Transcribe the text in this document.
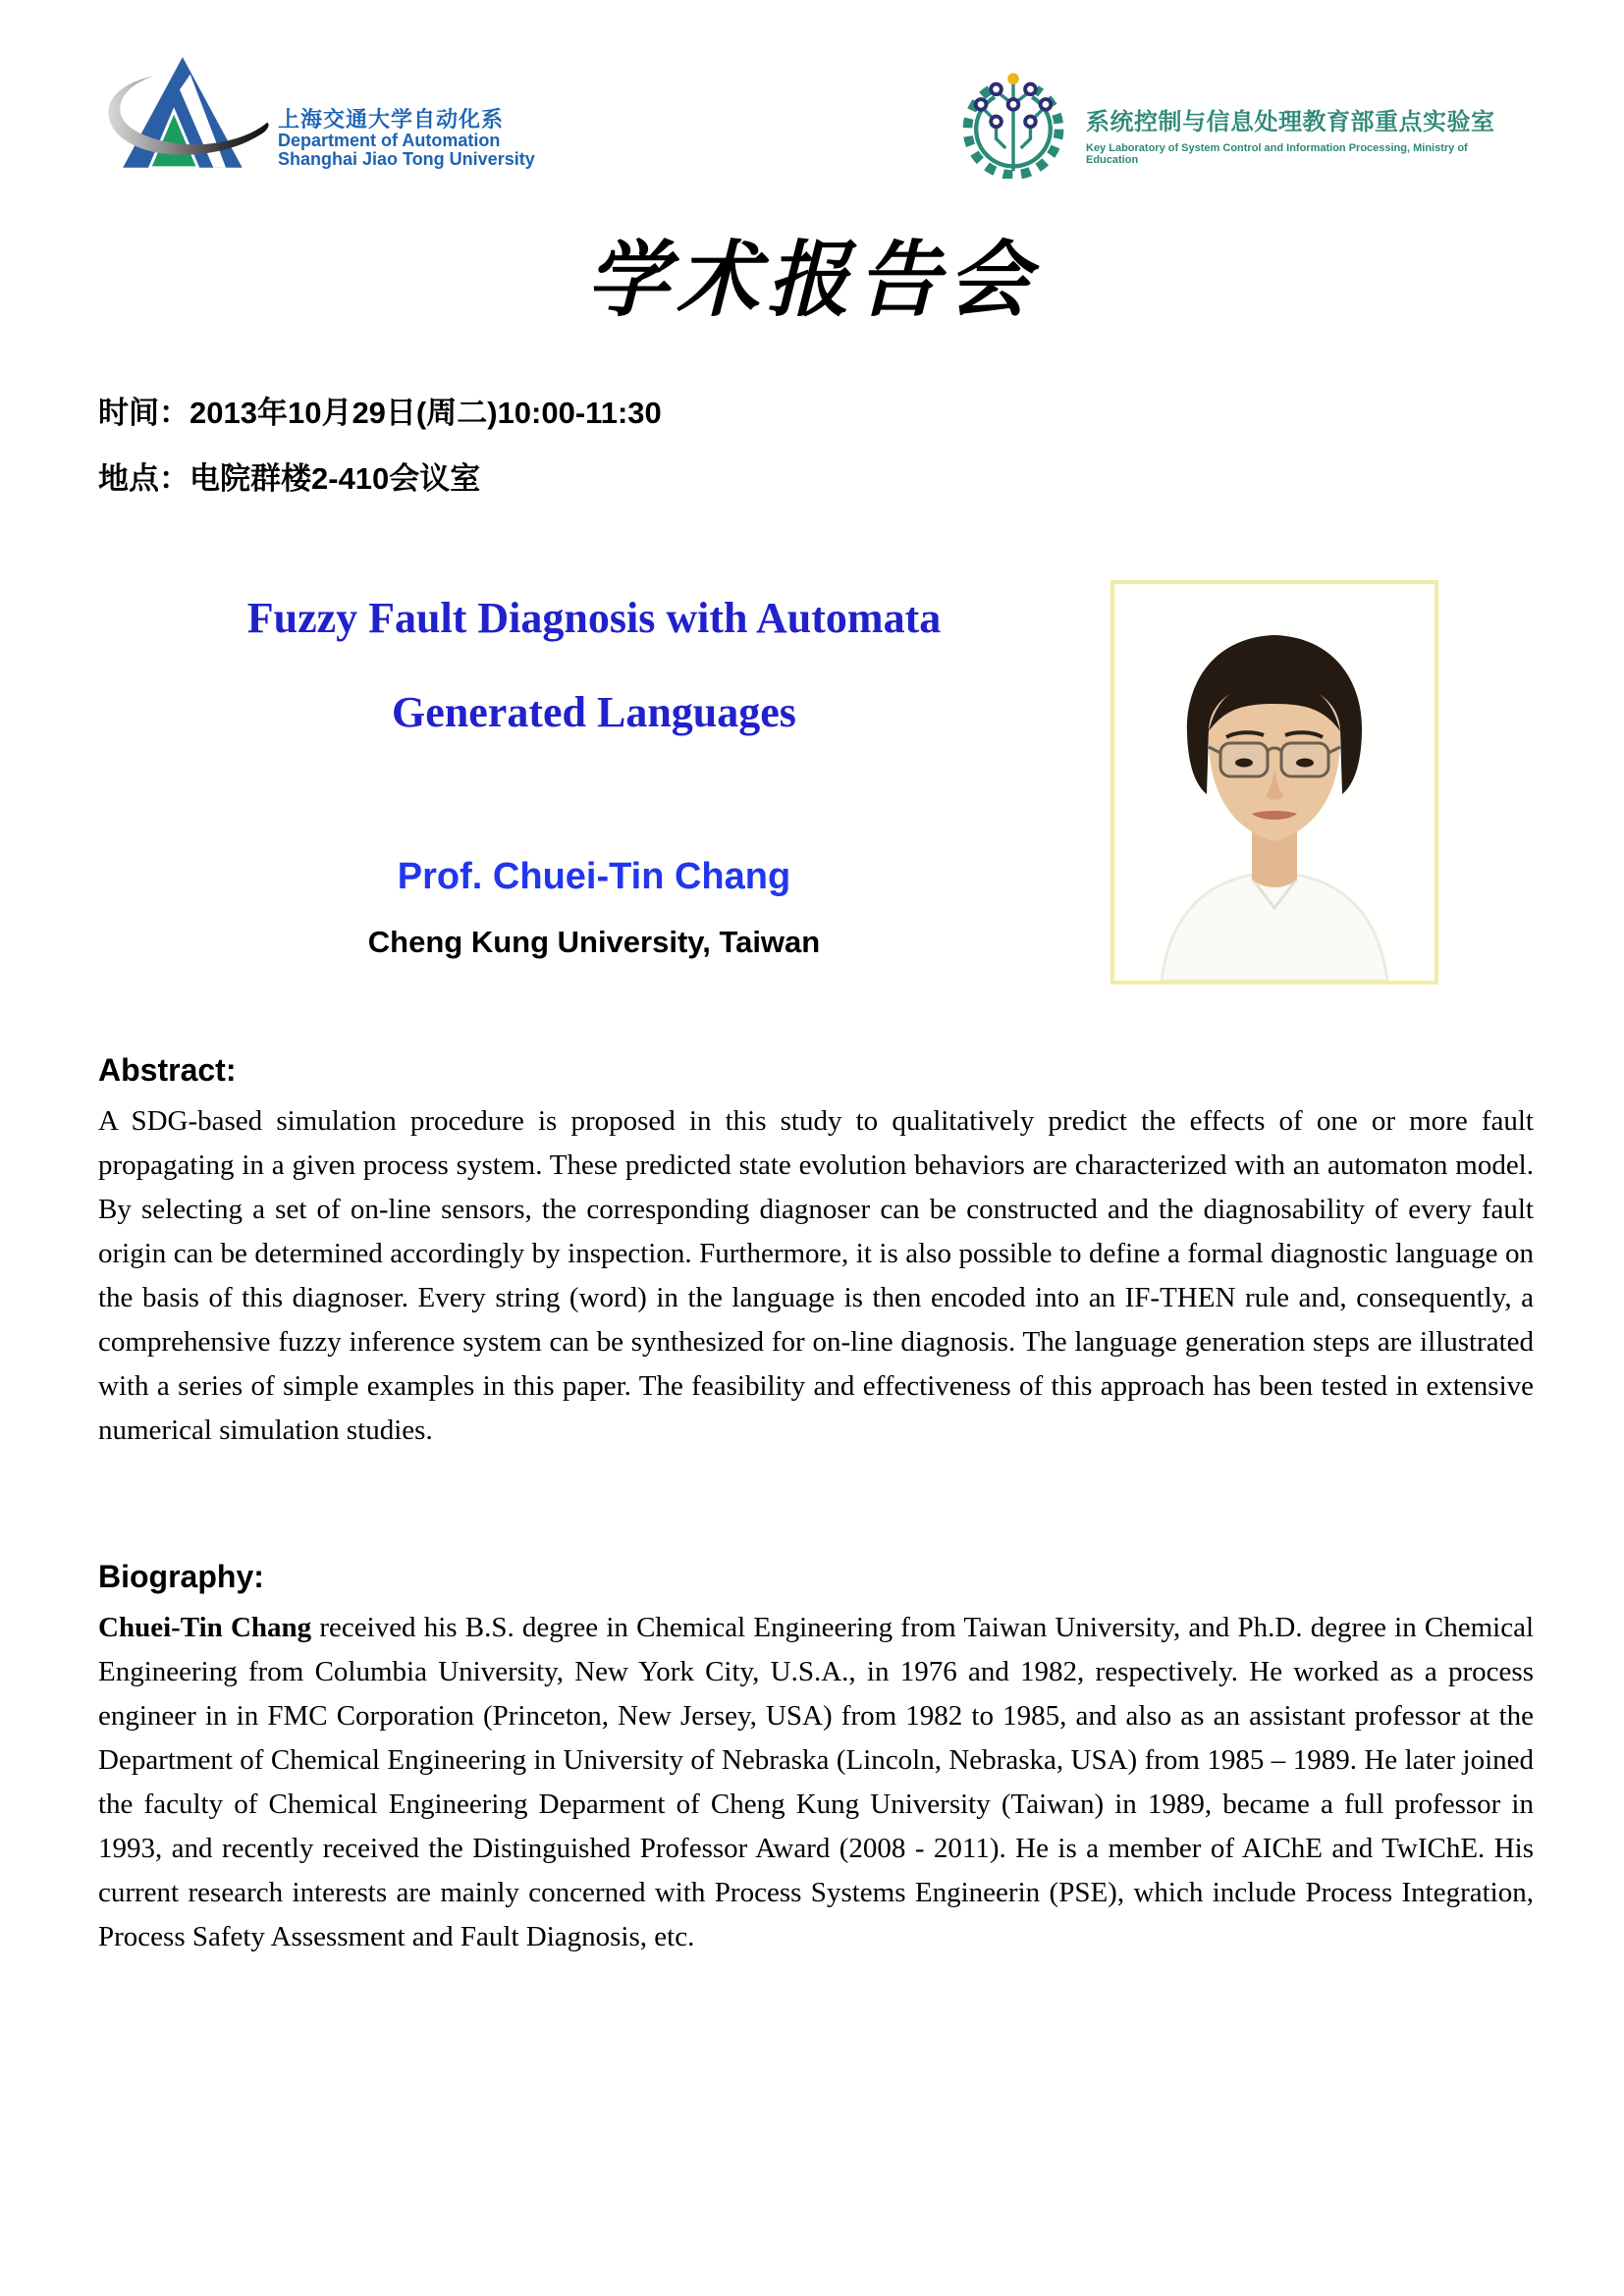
上海交通大学自动化系
Department of Automation
Shanghai Jiao Tong University
系统控制与信息处理教育部重点实验室
Key Laboratory of System Control and Information Processing, Ministry of Education
学术报告会
时间：2013年10月29日(周二)10:00-11:30
地点：电院群楼2-410会议室
Fuzzy Fault Diagnosis with Automata
Generated Languages
Prof. Chuei-Tin Chang
Cheng Kung University, Taiwan
Abstract:

A SDG-based simulation procedure is proposed in this study to qualitatively predict the effects of one or more fault propagating in a given process system. These predicted state evolution behaviors are characterized with an automaton model. By selecting a set of on-line sensors, the corresponding diagnoser can be constructed and the diagnosability of every fault origin can be determined accordingly by inspection. Furthermore, it is also possible to define a formal diagnostic language on the basis of this diagnoser. Every string (word) in the language is then encoded into an IF-THEN rule and, consequently, a comprehensive fuzzy inference system can be synthesized for on-line diagnosis. The language generation steps are illustrated with a series of simple examples in this paper. The feasibility and effectiveness of this approach has been tested in extensive numerical simulation studies.

Biography:

Chuei-Tin Chang received his B.S. degree in Chemical Engineering from Taiwan University, and Ph.D. degree in Chemical Engineering from Columbia University, New York City, U.S.A., in 1976 and 1982, respectively. He worked as a process engineer in in FMC Corporation (Princeton, New Jersey, USA) from 1982 to 1985, and also as an assistant professor at the Department of Chemical Engineering in University of Nebraska (Lincoln, Nebraska, USA) from 1985 – 1989. He later joined the faculty of Chemical Engineering Deparment of Cheng Kung University (Taiwan) in 1989, became a full professor in 1993, and recently received the Distinguished Professor Award (2008 - 2011). He is a member of AIChE and TwIChE. His current research interests are mainly concerned with Process Systems Engineerin (PSE), which include Process Integration, Process Safety Assessment and Fault Diagnosis, etc.
